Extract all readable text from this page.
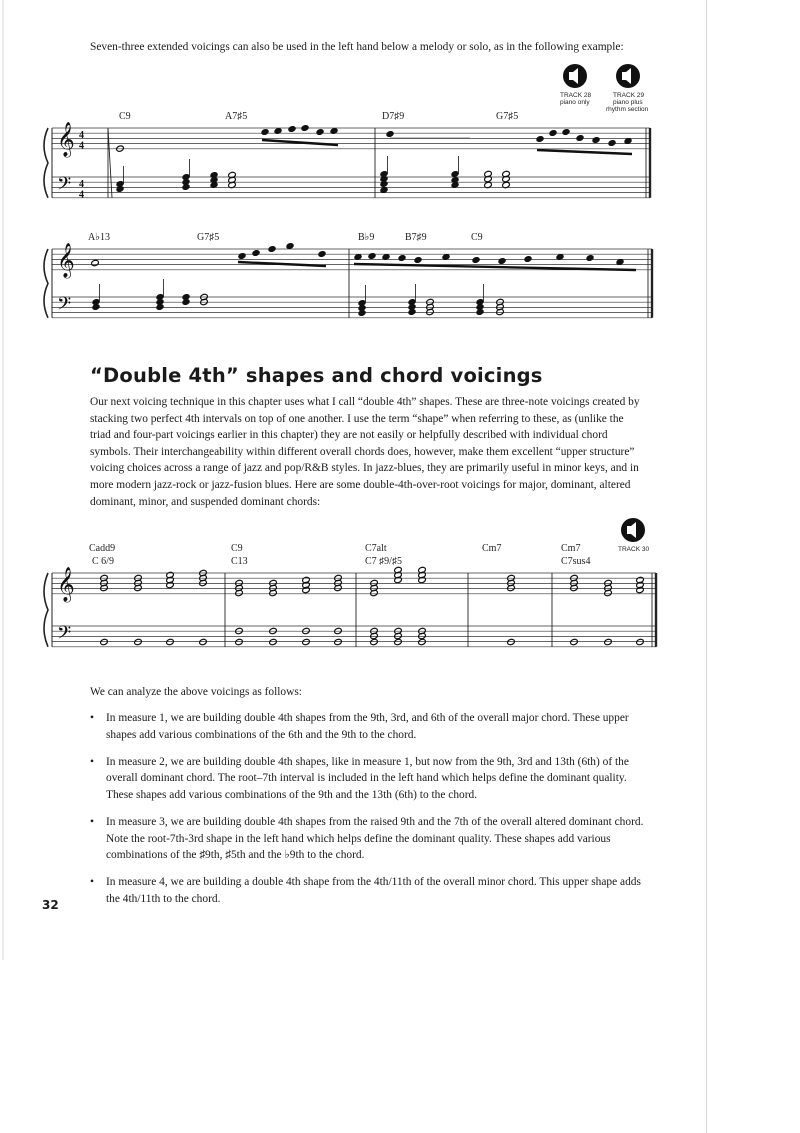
Seven-three extended voicings can also be used in the left hand below a melody or solo, as in the following example:
TRACK 28
piano only
TRACK 29
piano plus
rhythm section
TRACK 30
C9	A7♯5	D7♯9	G7♯5
𝄞
𝄢
4
4
4
4
A♭13	G7♯5	B♭9	B7♯9	C9
𝄞
𝄢
Cadd9
C 6/9
C9
C13
C7alt
C7 ♯9/♯5
Cm7	Cm7
C7sus4
𝄞
𝄢
“Double 4th” shapes and chord voicings

Our next voicing technique in this chapter uses what I call “double 4th” shapes. These are three-note voicings created by stacking two perfect 4th intervals on top of one another. I use the term “shape” when referring to these, as (unlike the triad and four-part voicings earlier in this chapter) they are not easily or helpfully described with individual chord symbols. Their interchangeability within different overall chords does, however, make them excellent “upper structure” voicing choices across a range of jazz and pop/R&B styles. In jazz-blues, they are primarily useful in minor keys, and in more modern jazz-rock or jazz-fusion blues. Here are some double-4th-over-root voicings for major, dominant, altered dominant, minor, and suspended dominant chords:

We can analyze the above voicings as follows:
• In measure 1, we are building double 4th shapes from the 9th, 3rd, and 6th of the overall major chord. These upper shapes add various combinations of the 6th and the 9th to the chord.
• In measure 2, we are building double 4th shapes, like in measure 1, but now from the 9th, 3rd and 13th (6th) of the overall dominant chord. The root–7th interval is included in the left hand which helps define the dominant quality. These shapes add various combinations of the 9th and the 13th (6th) to the chord.
• In measure 3, we are building double 4th shapes from the raised 9th and the 7th of the overall altered dominant chord. Note the root-7th-3rd shape in the left hand which helps define the dominant quality. These shapes add various combinations of the ♯9th, ♯5th and the ♭9th to the chord.
• In measure 4, we are building a double 4th shape from the 4th/11th of the overall minor chord. This upper shape adds the 4th/11th to the chord.
32
